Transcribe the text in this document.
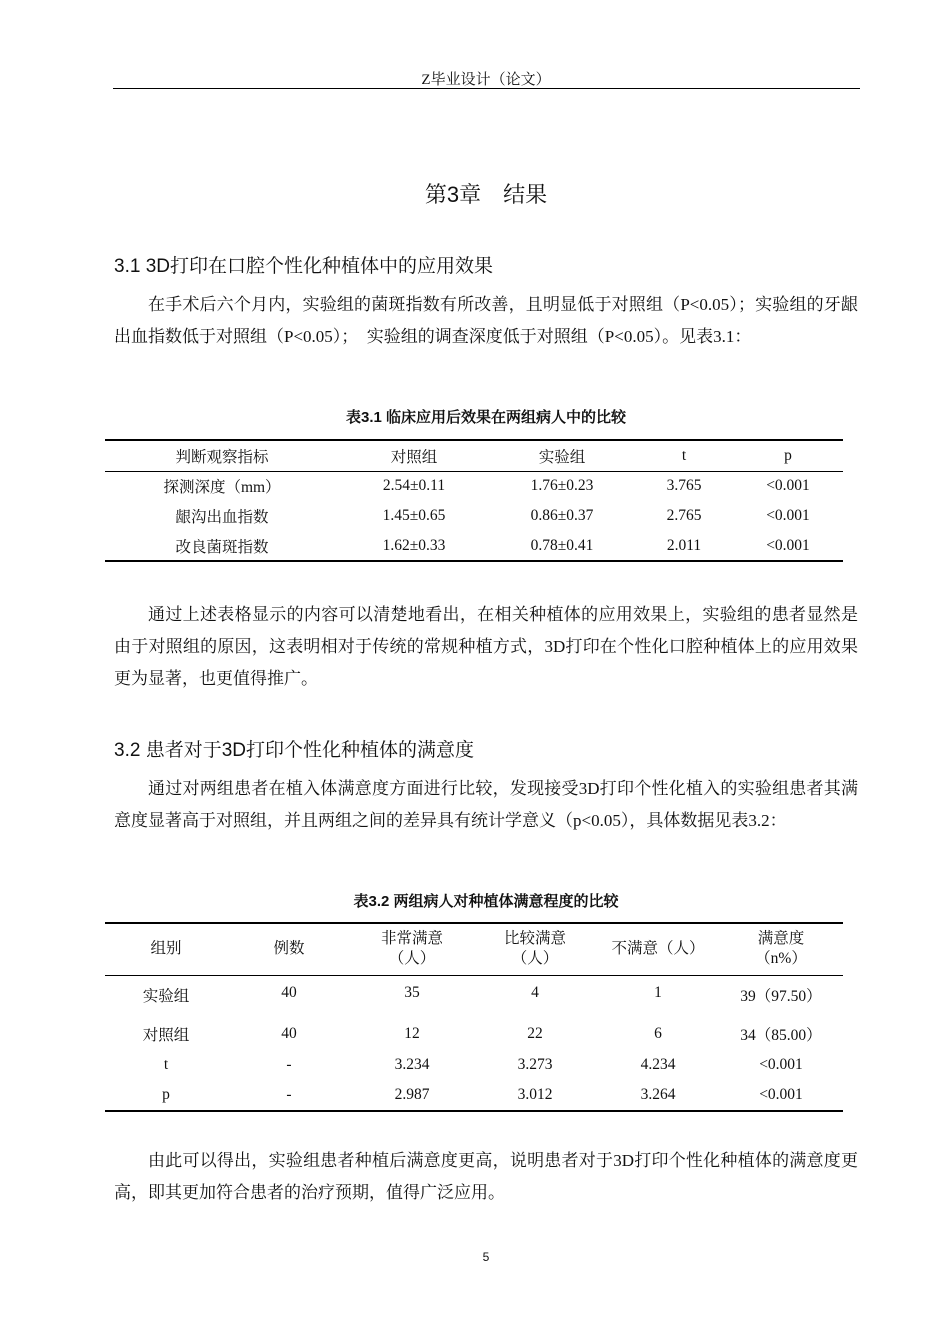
Z毕业设计（论文）
第3章　结果
3.1 3D打印在口腔个性化种植体中的应用效果
在手术后六个月内，实验组的菌斑指数有所改善，且明显低于对照组（P<0.05）；实验组的牙龈出血指数低于对照组（P<0.05）；　实验组的调查深度低于对照组（P<0.05）。见表3.1：
表3.1 临床应用后效果在两组病人中的比较
判断观察指标	对照组	实验组	t	p
探测深度（mm）	2.54±0.11	1.76±0.23	3.765	<0.001
龈沟出血指数	1.45±0.65	0.86±0.37	2.765	<0.001
改良菌斑指数	1.62±0.33	0.78±0.41	2.011	<0.001
通过上述表格显示的内容可以清楚地看出，在相关种植体的应用效果上，实验组的患者显然是由于对照组的原因，这表明相对于传统的常规种植方式，3D打印在个性化口腔种植体上的应用效果更为显著，也更值得推广。
3.2 患者对于3D打印个性化种植体的满意度
通过对两组患者在植入体满意度方面进行比较，发现接受3D打印个性化植入的实验组患者其满意度显著高于对照组，并且两组之间的差异具有统计学意义（p<0.05），具体数据见表3.2：
表3.2 两组病人对种植体满意程度的比较
组别	例数	非常满意
（人）	比较满意
（人）	不满意（人）	满意度
（n%）
实验组	40	35	4	1	39（97.50）
对照组	40	12	22	6	34（85.00）
t	-	3.234	3.273	4.234	<0.001
p	-	2.987	3.012	3.264	<0.001
由此可以得出，实验组患者种植后满意度更高，说明患者对于3D打印个性化种植体的满意度更高，即其更加符合患者的治疗预期，值得广泛应用。
5
